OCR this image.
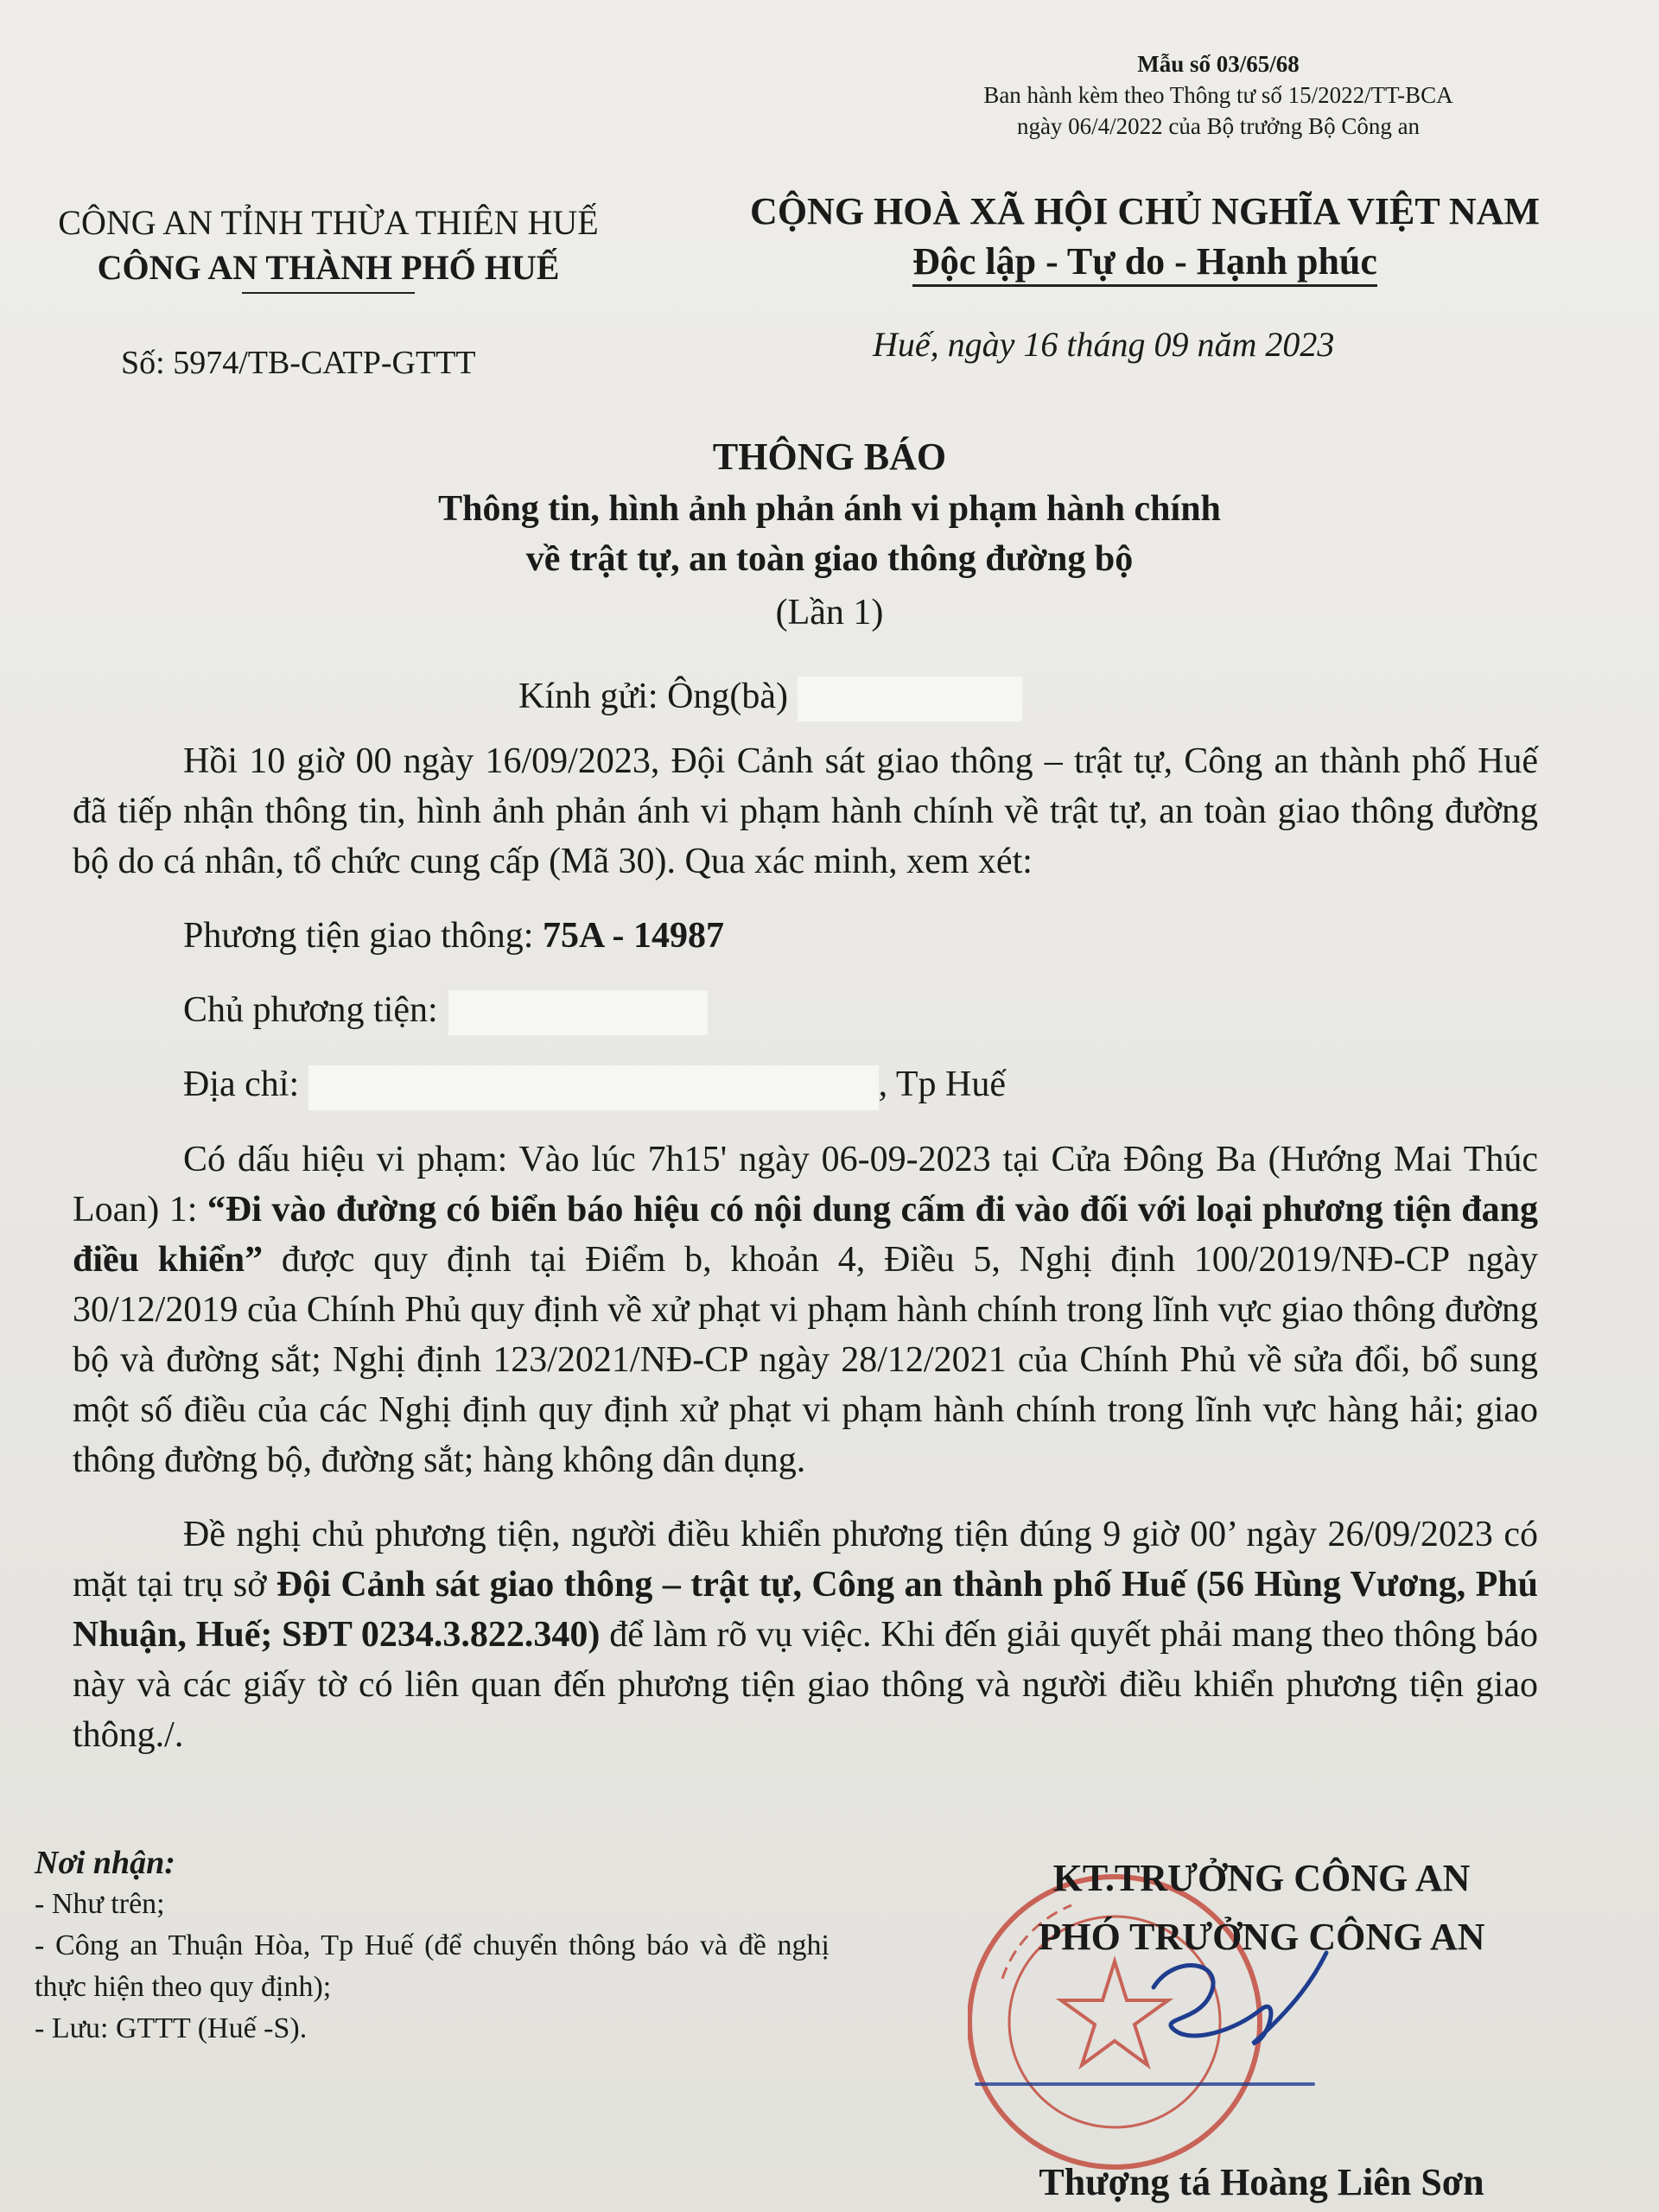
Mẫu số 03/65/68
Ban hành kèm theo Thông tư số 15/2022/TT-BCA
ngày 06/4/2022 của Bộ trưởng Bộ Công an
CÔNG AN TỈNH THỪA THIÊN HUẾ
CÔNG AN THÀNH PHỐ HUẾ
CỘNG HOÀ XÃ HỘI CHỦ NGHĨA VIỆT NAM
Độc lập - Tự do - Hạnh phúc
Số: 5974/TB-CATP-GTTT	Huế, ngày 16 tháng 09 năm 2023
THÔNG BÁO
Thông tin, hình ảnh phản ánh vi phạm hành chính
về trật tự, an toàn giao thông đường bộ
(Lần 1)
Kính gửi: Ông(bà)

Hồi 10 giờ 00 ngày 16/09/2023, Đội Cảnh sát giao thông – trật tự, Công an thành phố Huế đã tiếp nhận thông tin, hình ảnh phản ánh vi phạm hành chính về trật tự, an toàn giao thông đường bộ do cá nhân, tổ chức cung cấp (Mã 30). Qua xác minh, xem xét:

Phương tiện giao thông: 75A - 14987

Chủ phương tiện:

Địa chỉ:	, Tp Huế

Có dấu hiệu vi phạm: Vào lúc 7h15' ngày 06-09-2023 tại Cửa Đông Ba (Hướng Mai Thúc Loan) 1: “Đi vào đường có biển báo hiệu có nội dung cấm đi vào đối với loại phương tiện đang điều khiển” được quy định tại Điểm b, khoản 4, Điều 5, Nghị định 100/2019/NĐ-CP ngày 30/12/2019 của Chính Phủ quy định về xử phạt vi phạm hành chính trong lĩnh vực giao thông đường bộ và đường sắt; Nghị định 123/2021/NĐ-CP ngày 28/12/2021 của Chính Phủ về sửa đổi, bổ sung một số điều của các Nghị định quy định xử phạt vi phạm hành chính trong lĩnh vực hàng hải; giao thông đường bộ, đường sắt; hàng không dân dụng.

Đề nghị chủ phương tiện, người điều khiển phương tiện đúng 9 giờ 00’ ngày 26/09/2023 có mặt tại trụ sở Đội Cảnh sát giao thông – trật tự, Công an thành phố Huế (56 Hùng Vương, Phú Nhuận, Huế; SĐT 0234.3.822.340) để làm rõ vụ việc. Khi đến giải quyết phải mang theo thông báo này và các giấy tờ có liên quan đến phương tiện giao thông và người điều khiển phương tiện giao thông./.

Nơi nhận:
- Như trên;
- Công an Thuận Hòa, Tp Huế (để chuyển thông báo và đề nghị thực hiện theo quy định);
- Lưu: GTTT (Huế -S).
KT.TRƯỞNG CÔNG AN
PHÓ TRƯỞNG CÔNG AN
Thượng tá Hoàng Liên Sơn
